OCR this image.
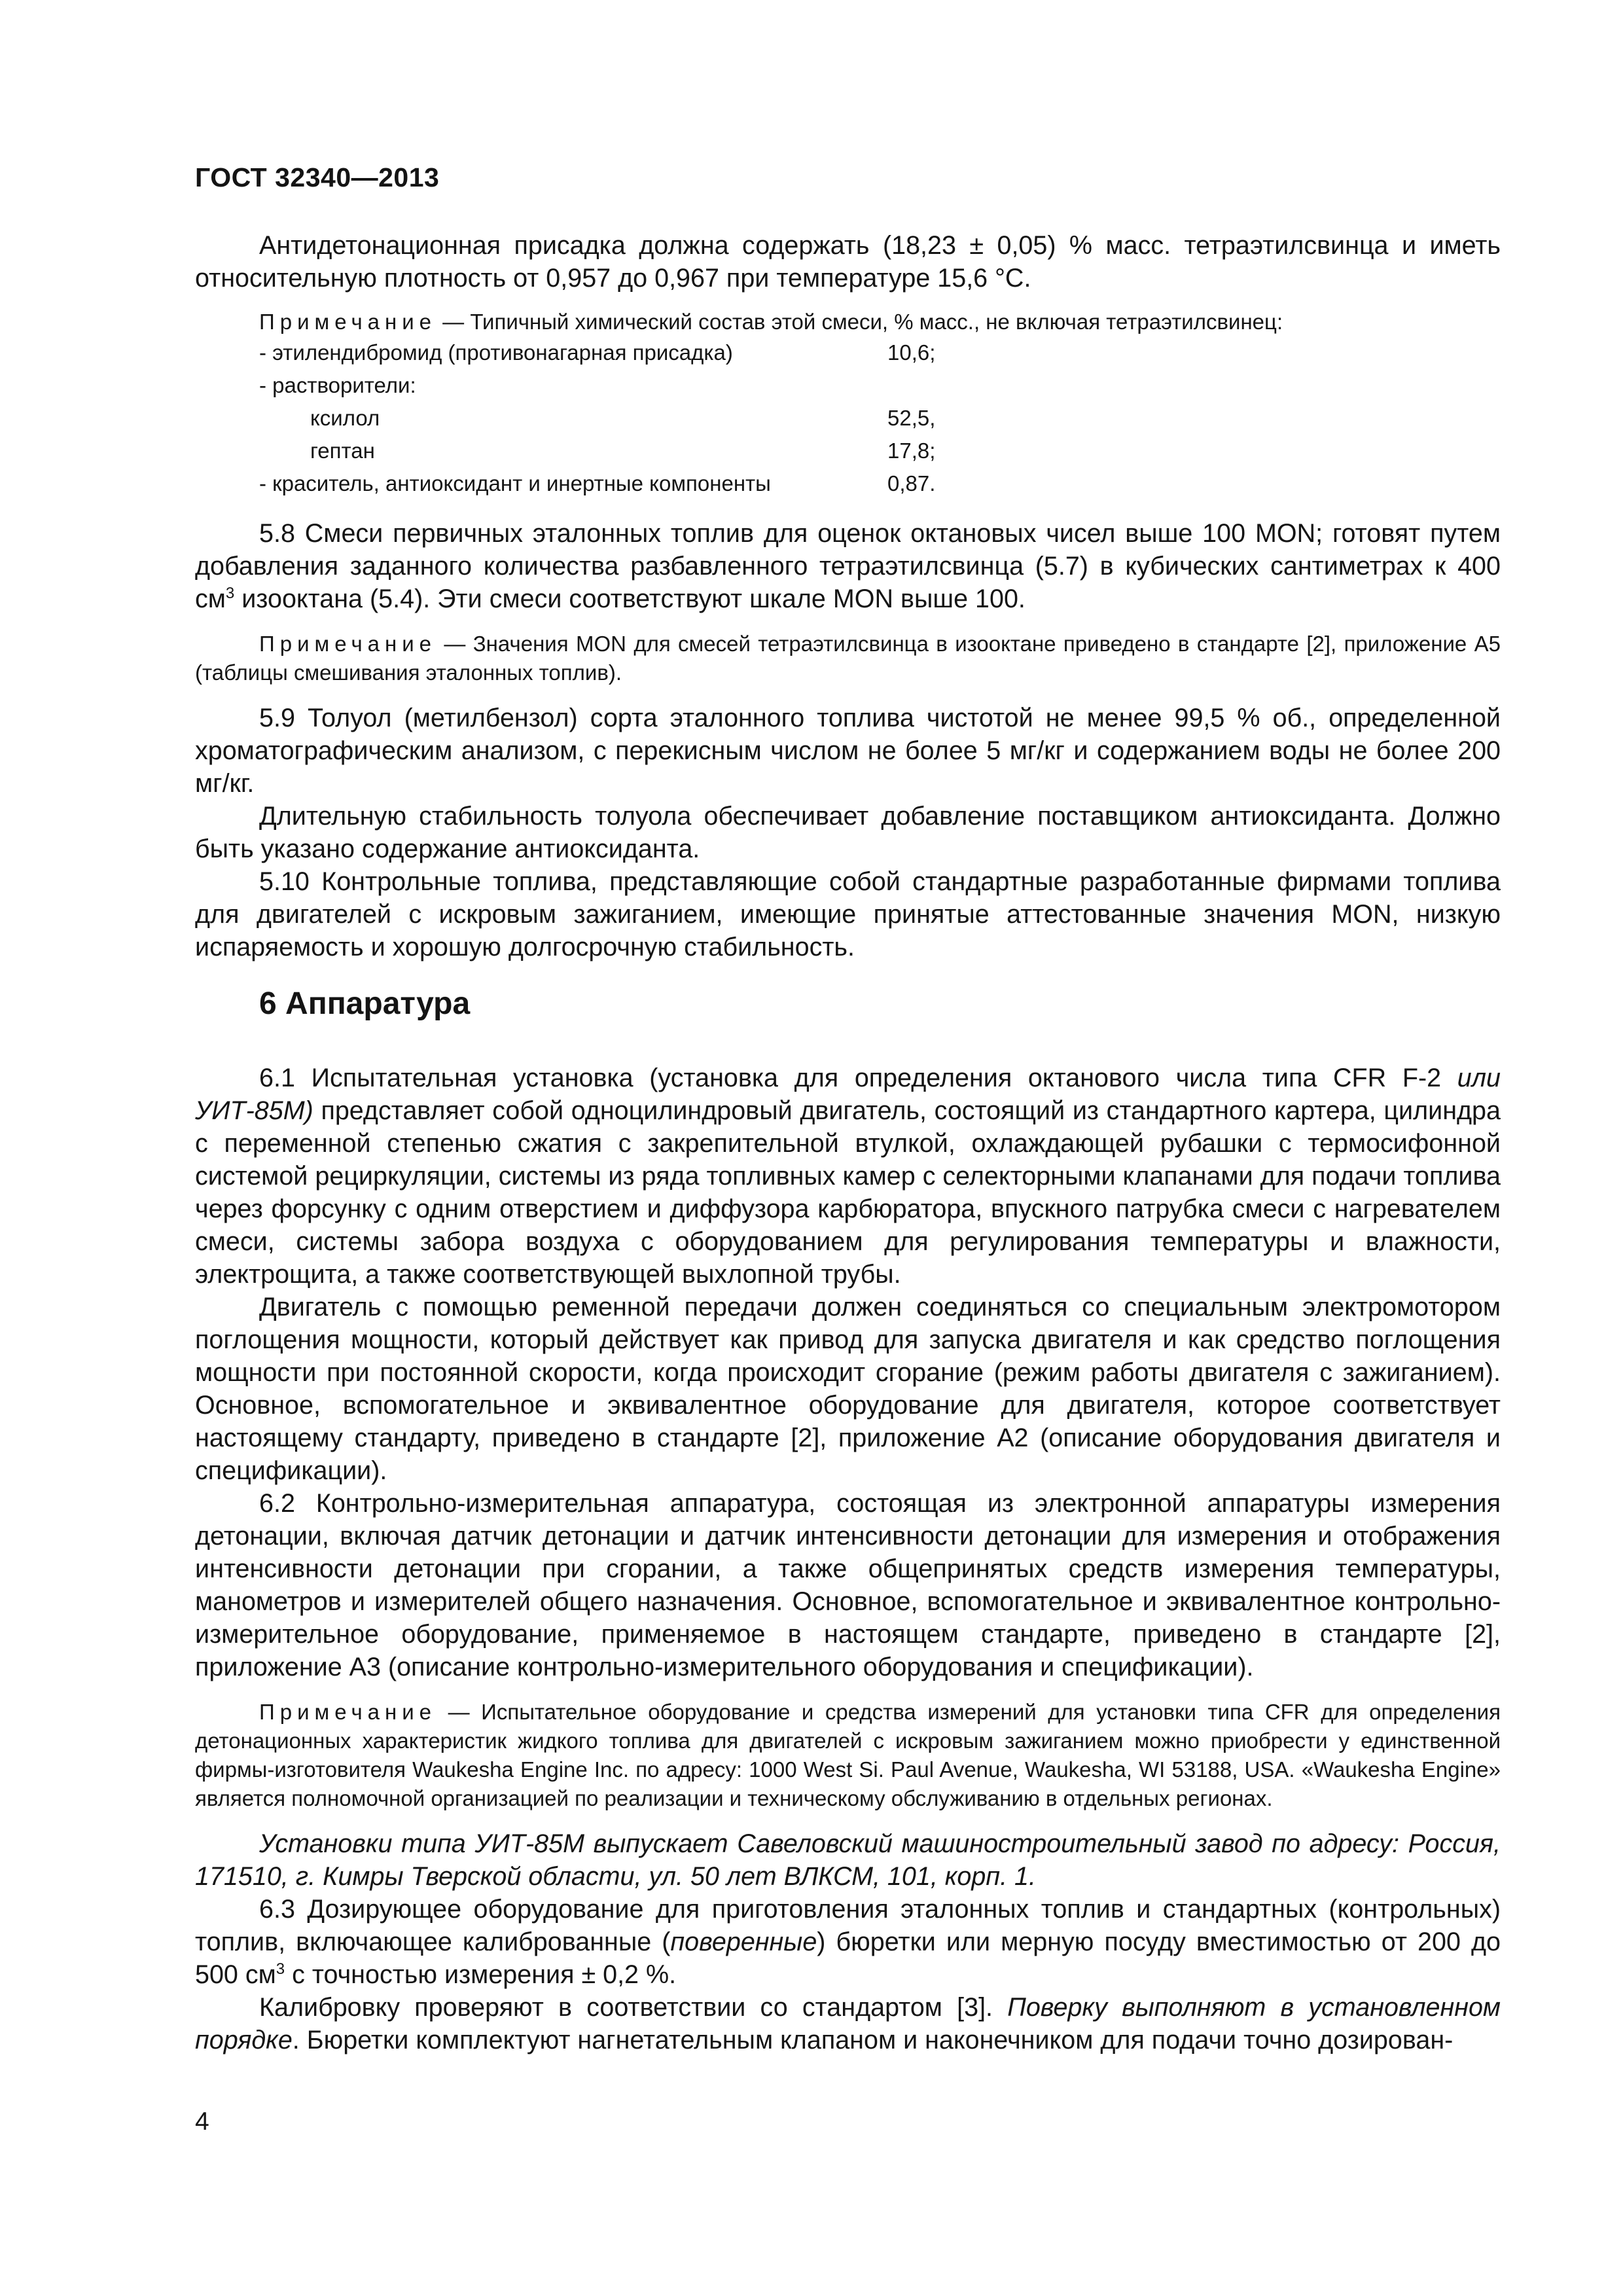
ГОСТ 32340—2013

Антидетонационная присадка должна содержать (18,23 ± 0,05) % масс. тетраэтилсвинца и иметь относительную плотность от 0,957 до 0,967 при температуре 15,6 °С.

Примечание — Типичный химический состав этой смеси, % масс., не включая тетраэтилсвинец:

- этилендибромид (противонагарная присадка)	10,6;
- растворители:
ксилол	52,5,
гептан	17,8;
- краситель, антиоксидант и инертные компоненты	0,87.

5.8 Смеси первичных эталонных топлив для оценок октановых чисел выше 100 MON; готовят путем добавления заданного количества разбавленного тетраэтилсвинца (5.7) в кубических сантиметрах к 400 $см^3$ изооктана (5.4). Эти смеси соответствуют шкале MON выше 100.

Примечание — Значения MON для смесей тетраэтилсвинца в изооктане приведено в стандарте [2], приложение А5 (таблицы смешивания эталонных топлив).

5.9 Толуол (метилбензол) сорта эталонного топлива чистотой не менее 99,5 % об., определенной хроматографическим анализом, с перекисным числом не более 5 мг/кг и содержанием воды не более 200 мг/кг.

Длительную стабильность толуола обеспечивает добавление поставщиком антиоксиданта. Должно быть указано содержание антиоксиданта.

5.10 Контрольные топлива, представляющие собой стандартные разработанные фирмами топлива для двигателей с искровым зажиганием, имеющие принятые аттестованные значения MON, низкую испаряемость и хорошую долгосрочную стабильность.

6 Аппаратура

6.1 Испытательная установка (установка для определения октанового числа типа CFR F-2 или УИТ-85М) представляет собой одноцилиндровый двигатель, состоящий из стандартного картера, цилиндра с переменной степенью сжатия с закрепительной втулкой, охлаждающей рубашки с термосифонной системой рециркуляции, системы из ряда топливных камер с селекторными клапанами для подачи топлива через форсунку с одним отверстием и диффузора карбюратора, впускного патрубка смеси с нагревателем смеси, системы забора воздуха с оборудованием для регулирования температуры и влажности, электрощита, а также соответствующей выхлопной трубы.

Двигатель с помощью ременной передачи должен соединяться со специальным электромотором поглощения мощности, который действует как привод для запуска двигателя и как средство поглощения мощности при постоянной скорости, когда происходит сгорание (режим работы двигателя с зажиганием). Основное, вспомогательное и эквивалентное оборудование для двигателя, которое соответствует настоящему стандарту, приведено в стандарте [2], приложение А2 (описание оборудования двигателя и спецификации).

6.2 Контрольно-измерительная аппаратура, состоящая из электронной аппаратуры измерения детонации, включая датчик детонации и датчик интенсивности детонации для измерения и отображения интенсивности детонации при сгорании, а также общепринятых средств измерения температуры, манометров и измерителей общего назначения. Основное, вспомогательное и эквивалентное контрольно-измерительное оборудование, применяемое в настоящем стандарте, приведено в стандарте [2], приложение А3 (описание контрольно-измерительного оборудования и спецификации).

Примечание — Испытательное оборудование и средства измерений для установки типа CFR для определения детонационных характеристик жидкого топлива для двигателей с искровым зажиганием можно приобрести у единственной фирмы-изготовителя Waukesha Engine Inc. по адресу: 1000 West Si. Paul Avenue, Waukesha, WI 53188, USA. «Waukesha Engine» является полномочной организацией по реализации и техническому обслуживанию в отдельных регионах.

Установки типа УИТ-85М выпускает Савеловский машиностроительный завод по адресу: Россия, 171510, г. Кимры Тверской области, ул. 50 лет ВЛКСМ, 101, корп. 1.

6.3 Дозирующее оборудование для приготовления эталонных топлив и стандартных (контрольных) топлив, включающее калиброванные (поверенные) бюретки или мерную посуду вместимостью от 200 до 500 $см^3$ с точностью измерения ± 0,2 %.

Калибровку проверяют в соответствии со стандартом [3]. Поверку выполняют в установленном порядке. Бюретки комплектуют нагнетательным клапаном и наконечником для подачи точно дозирован-

4
